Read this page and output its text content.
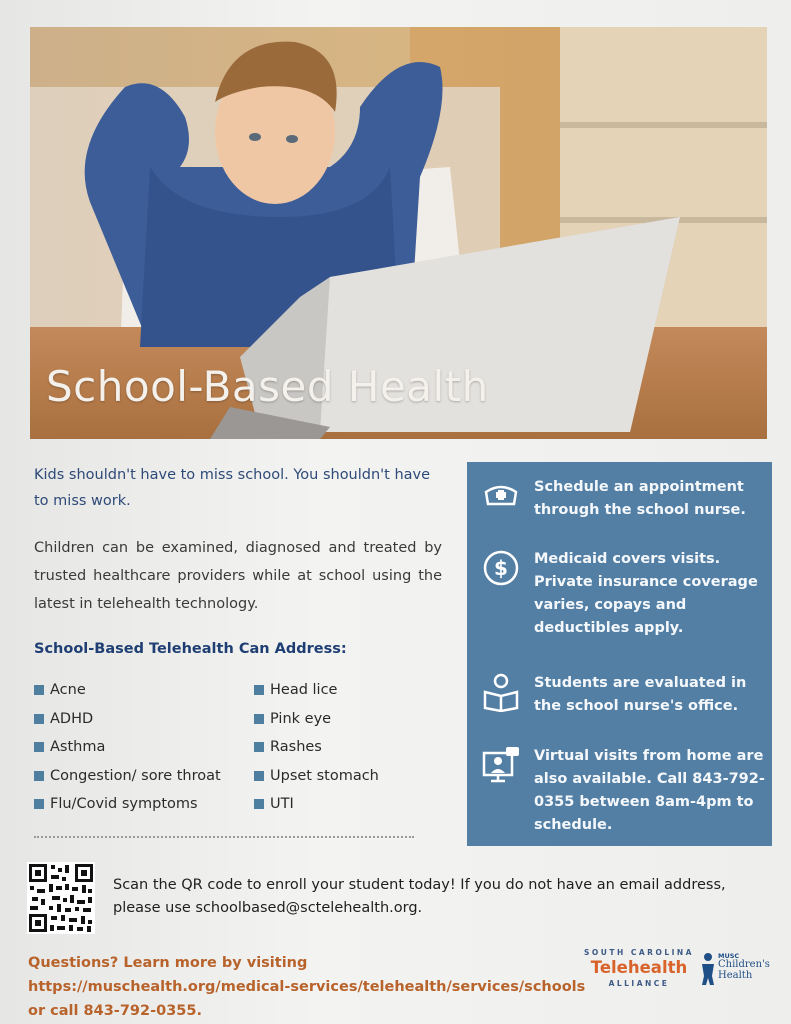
School-Based Health
Kids shouldn't have to miss school. You shouldn't have to miss work.
Children can be examined, diagnosed and treated by trusted healthcare providers while at school using the latest in telehealth technology.
School-Based Telehealth Can Address:
Acne
ADHD
Asthma
Congestion/ sore throat
Flu/Covid symptoms
Head lice
Pink eye
Rashes
Upset stomach
UTI
Schedule an appointment through the school nurse.
$ Medicaid covers visits. Private insurance coverage varies, copays and deductibles apply.
Students are evaluated in the school nurse's office.
Virtual visits from home are also available. Call 843-792-0355 between 8am-4pm to schedule.
Scan the QR code to enroll your student today! If you do not have an email address, please use schoolbased@sctelehealth.org.
Questions? Learn more by visiting
https://muschealth.org/medical-services/telehealth/services/schools
or call 843-792-0355.
SOUTH CAROLINA
Telehealth
ALLIANCE
MUSC
Children's Health
